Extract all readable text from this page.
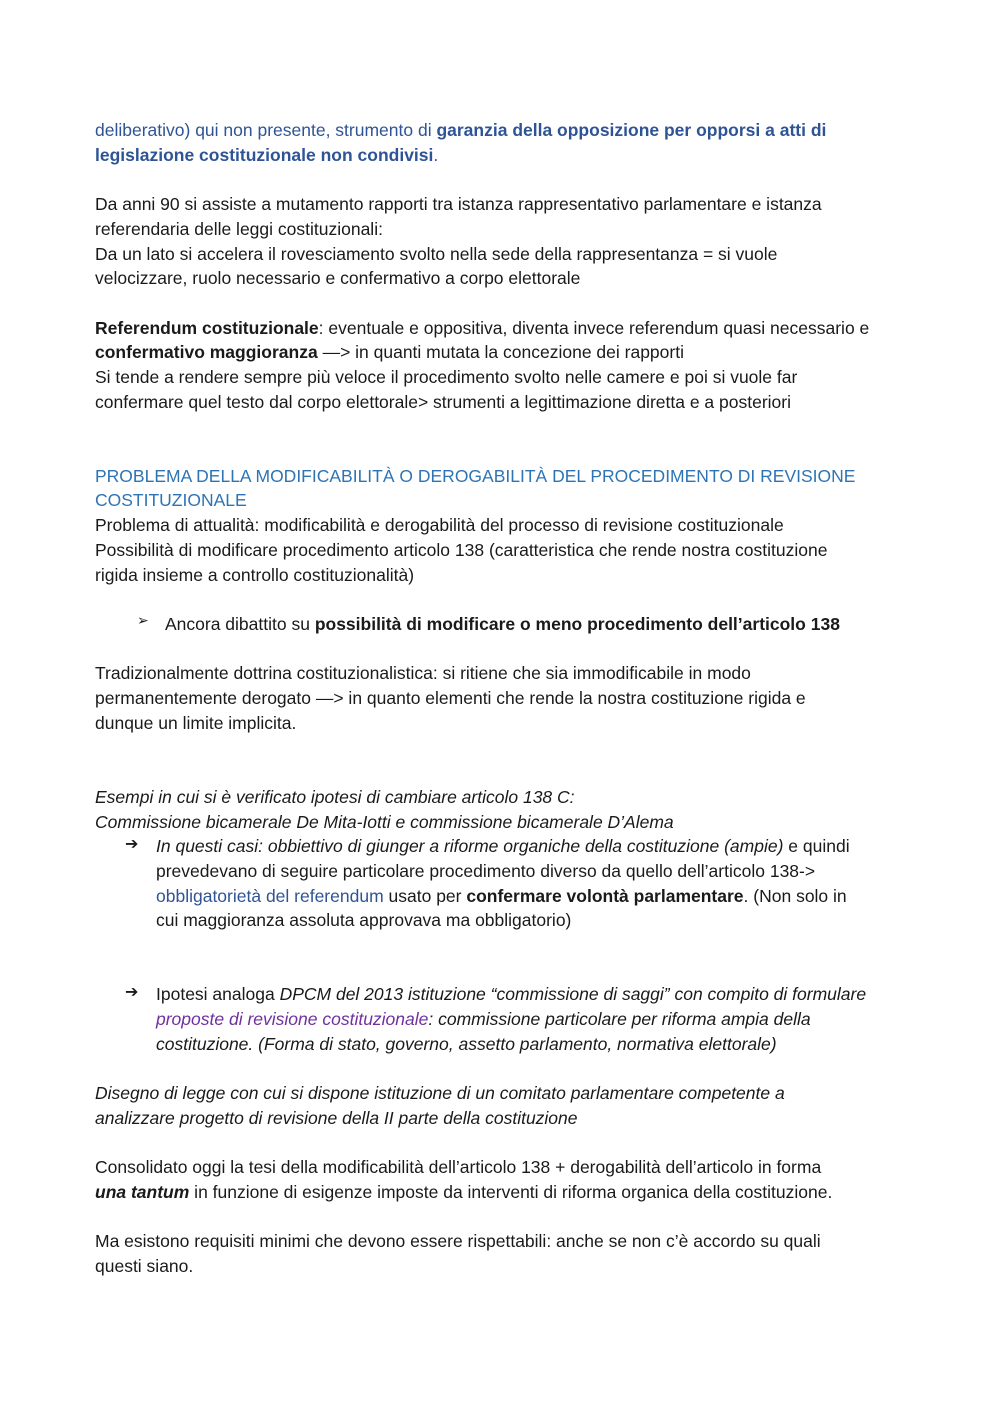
deliberativo) qui non presente, strumento di garanzia della opposizione per opporsi a atti di
legislazione costituzionale non condivisi.
Da anni 90 si assiste a mutamento rapporti tra istanza rappresentativo parlamentare e istanza
referendaria delle leggi costituzionali:
Da un lato si accelera il rovesciamento svolto nella sede della rappresentanza = si vuole
velocizzare, ruolo necessario e confermativo a corpo elettorale
Referendum costituzionale: eventuale e oppositiva, diventa invece referendum quasi necessario e
confermativo maggioranza —> in quanti mutata la concezione dei rapporti
Si tende a rendere sempre più veloce il procedimento svolto nelle camere e poi si vuole far
confermare quel testo dal corpo elettorale> strumenti a legittimazione diretta e a posteriori
PROBLEMA DELLA MODIFICABILITÀ O DEROGABILITÀ DEL PROCEDIMENTO DI REVISIONE
COSTITUZIONALE
Problema di attualità: modificabilità e derogabilità del processo di revisione costituzionale
Possibilità di modificare procedimento articolo 138 (caratteristica che rende nostra costituzione
rigida insieme a controllo costituzionalità)
➢ Ancora dibattito su possibilità di modificare o meno procedimento dell’articolo 138
Tradizionalmente dottrina costituzionalistica: si ritiene che sia immodificabile in modo
permanentemente derogato —> in quanto elementi che rende la nostra costituzione rigida e
dunque un limite implicita.
Esempi in cui si è verificato ipotesi di cambiare articolo 138 C:
Commissione bicamerale De Mita-Iotti e commissione bicamerale D’Alema
➔ In questi casi: obbiettivo di giunger a riforme organiche della costituzione (ampie) e quindi
prevedevano di seguire particolare procedimento diverso da quello dell’articolo 138->
obbligatorietà del referendum usato per confermare volontà parlamentare. (Non solo in
cui maggioranza assoluta approvava ma obbligatorio)
➔ Ipotesi analoga DPCM del 2013 istituzione “commissione di saggi” con compito di formulare
proposte di revisione costituzionale: commissione particolare per riforma ampia della
costituzione. (Forma di stato, governo, assetto parlamento, normativa elettorale)
Disegno di legge con cui si dispone istituzione di un comitato parlamentare competente a
analizzare progetto di revisione della II parte della costituzione
Consolidato oggi la tesi della modificabilità dell’articolo 138 + derogabilità dell’articolo in forma
una tantum in funzione di esigenze imposte da interventi di riforma organica della costituzione.
Ma esistono requisiti minimi che devono essere rispettabili: anche se non c’è accordo su quali
questi siano.
